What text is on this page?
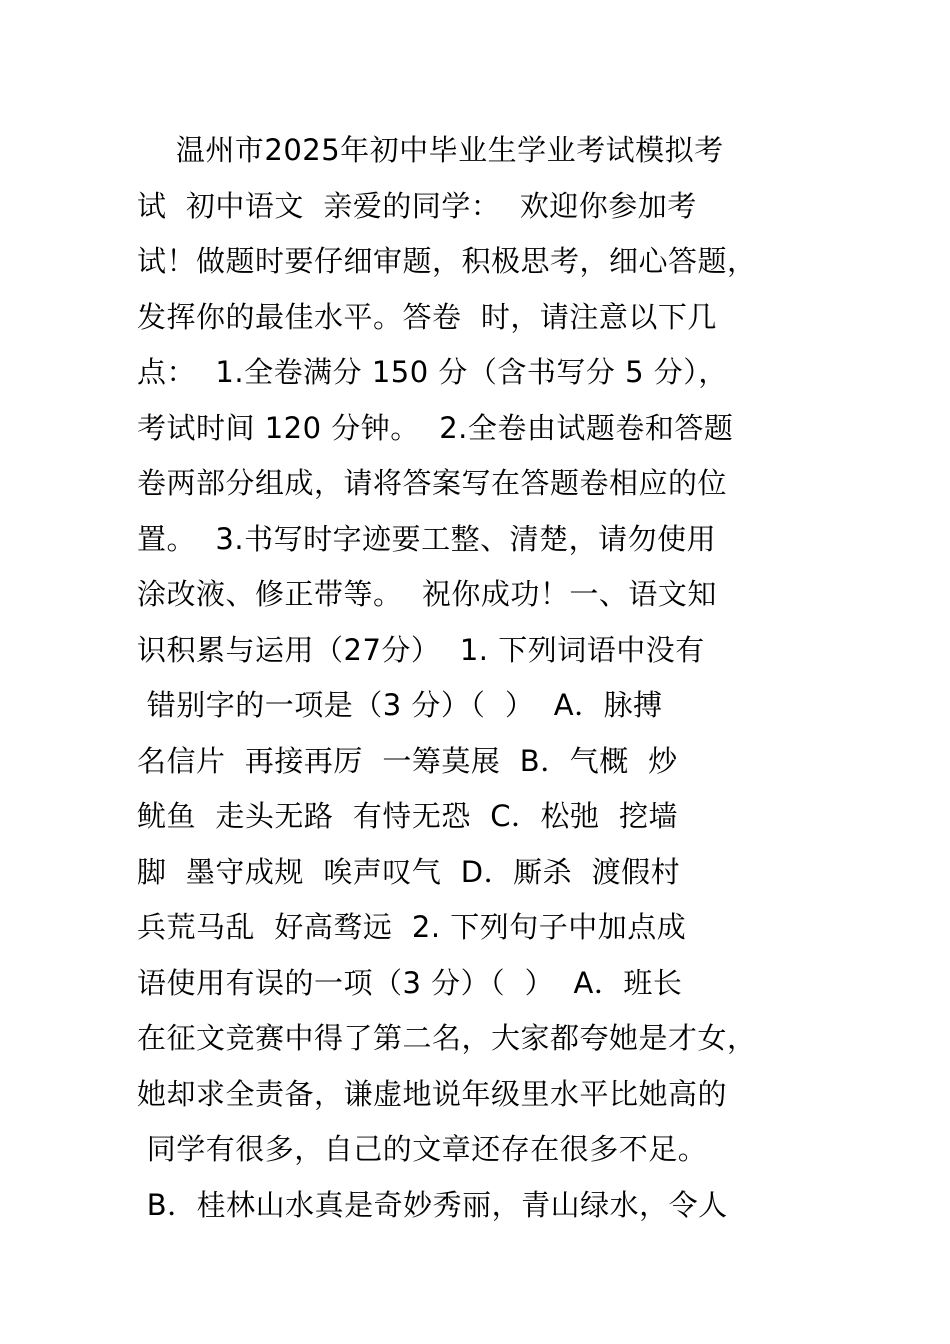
温州市2025年初中毕业生学业考试模拟考
试  初中语文  亲爱的同学：  欢迎你参加考
试！做题时要仔细审题，积极思考，细心答题，
发挥你的最佳水平。答卷  时，请注意以下几
点：  1.全卷满分 150 分（含书写分 5 分），
考试时间 120 分钟。  2.全卷由试题卷和答题
卷两部分组成，请将答案写在答题卷相应的位
置。  3.书写时字迹要工整、清楚，请勿使用
涂改液、修正带等。  祝你成功！一、语文知
识积累与运用（27分）  1. 下列词语中没有
错别字的一项是（3 分）（  ）  A．脉搏
名信片  再接再厉  一筹莫展  B．气概  炒
鱿鱼  走头无路  有恃无恐  C．松弛  挖墙
脚  墨守成规  唉声叹气  D．厮杀  渡假村
兵荒马乱  好高骛远  2. 下列句子中加点成
语使用有误的一项（3 分）（  ）  A．班长
在征文竞赛中得了第二名，大家都夸她是才女，
她却求全责备，谦虚地说年级里水平比她高的
同学有很多，自己的文章还存在很多不足。
B．桂林山水真是奇妙秀丽，青山绿水，令人
